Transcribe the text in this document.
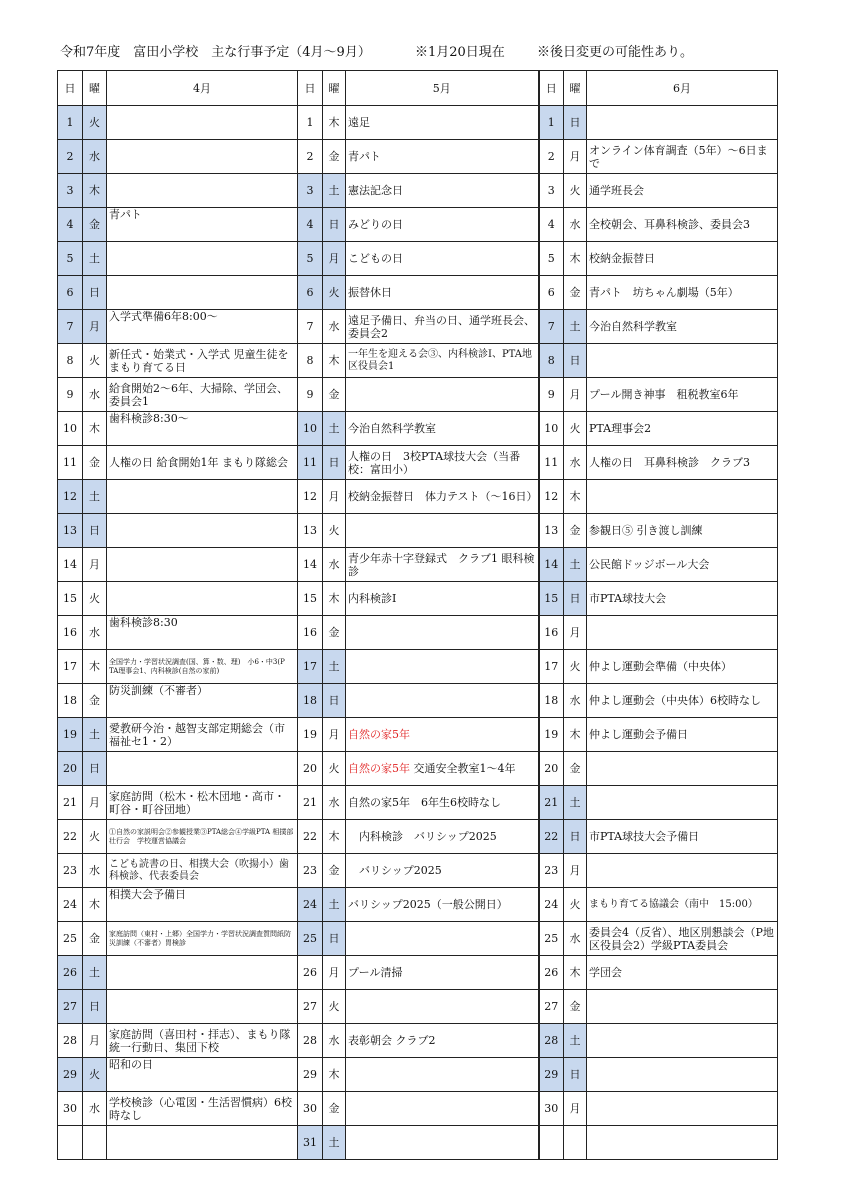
令和7年度　富田小学校　主な行事予定（4月～9月）	※1月20日現在 ※後日変更の可能性あり。
日	曜	4月	日	曜	5月	日	曜	6月
1	火		1	木	遠足	1	日	
2	水		2	金	青パト	2	月	オンライン体育調査（5年）～6日まで
3	木		3	土	憲法記念日	3	火	通学班長会
4	金	青パト	4	日	みどりの日	4	水	全校朝会、耳鼻科検診、委員会3
5	土		5	月	こどもの日	5	木	校納金振替日
6	日		6	火	振替休日	6	金	青パト　坊ちゃん劇場（5年）
7	月	入学式準備6年8:00～	7	水	遠足予備日、弁当の日、通学班長会、委員会2	7	土	今治自然科学教室
8	火	新任式・始業式・入学式 児童生徒をまもり育てる日	8	木	一年生を迎える会③、内科検診Ⅰ、PTA地区役員会1	8	日	
9	水	給食開始2～6年、大掃除、学団会、委員会1	9	金		9	月	プール開き神事　租税教室6年
10	木	歯科検診8:30～	10	土	今治自然科学教室	10	火	PTA理事会2
11	金	人権の日 給食開始1年 まもり隊総会	11	日	人権の日　3校PTA球技大会（当番校：富田小）	11	水	人権の日　耳鼻科検診　クラブ3
12	土		12	月	校納金振替日　体力テスト（～16日）	12	木	
13	日		13	火		13	金	参観日⑤ 引き渡し訓練
14	月		14	水	青少年赤十字登録式　クラブ1 眼科検診	14	土	公民館ドッジボール大会
15	火		15	木	内科検診Ⅰ	15	日	市PTA球技大会
16	水	歯科検診8:30	16	金		16	月	
17	木	全国学力・学習状況調査(国、算・数、理)　小6・中3(P TA理事会1、内科検診(自然の家前)	17	土		17	火	仲よし運動会準備（中央体）
18	金	防災訓練（不審者）	18	日		18	水	仲よし運動会（中央体）6校時なし
19	土	愛教研今治・越智支部定期総会（市福祉セ1・2）	19	月	自然の家5年	19	木	仲よし運動会予備日
20	日		20	火	自然の家5年 交通安全教室1～4年	20	金	
21	月	家庭訪問（松木・松木団地・高市・町谷・町谷団地）	21	水	自然の家5年　6年生6校時なし	21	土	
22	火	①自然の家説明会②参観授業③PTA総会④学級PTA 相撲部壮行会　学校運営協議会	22	木	　内科検診　バリシップ2025	22	日	市PTA球技大会予備日
23	水	こども読書の日、相撲大会（吹揚小）歯科検診、代表委員会	23	金	　バリシップ2025	23	月	
24	木	相撲大会予備日	24	土	バリシップ2025（一般公開日）	24	火	まもり育てる協議会（南中　15:00）
25	金	家庭訪問（東村・上郷）全国学力・学習状況調査質問紙防災訓練（不審者）胃検診	25	日		25	水	委員会4（反省）、地区別懇談会（P地区役員会2）学級PTA委員会
26	土		26	月	プール清掃	26	木	学団会
27	日		27	火		27	金	
28	月	家庭訪問（喜田村・拝志）、まもり隊統一行動日、集団下校	28	水	表彰朝会 クラブ2	28	土	
29	火	昭和の日	29	木		29	日	
30	水	学校検診（心電図・生活習慣病）6校時なし	30	金		30	月	
			31	土				
